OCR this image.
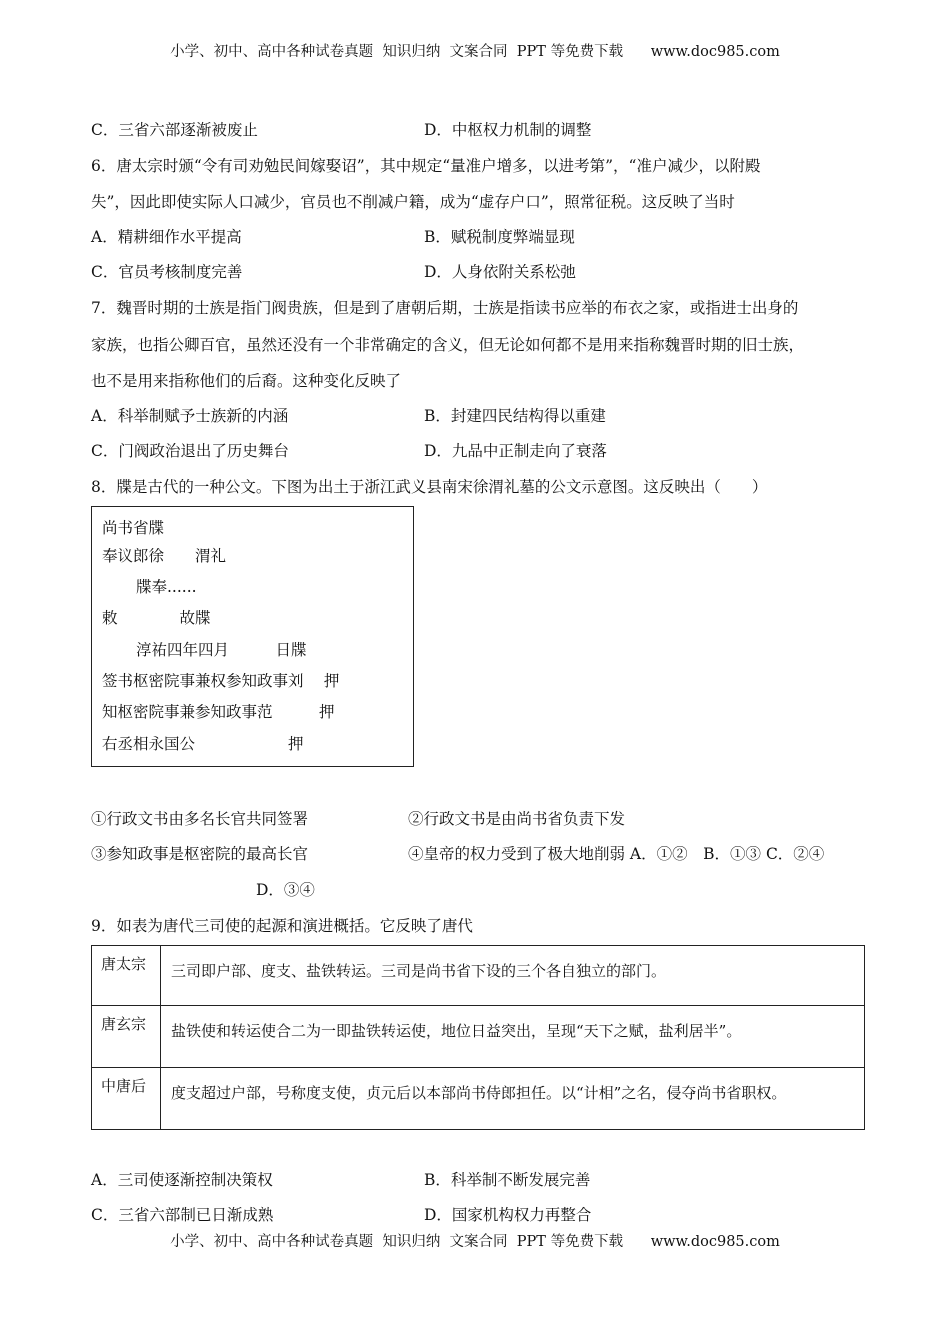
小学、初中、高中各种试卷真题  知识归纳  文案合同  PPT 等免费下载      www.doc985.com
C．三省六部逐渐被废止	D．中枢权力机制的调整
6．唐太宗时颁“令有司劝勉民间嫁娶诏”，其中规定“量准户增多，以进考第”，“准户减少，以附殿
失”，因此即使实际人口减少，官员也不削减户籍，成为“虚存户口”，照常征税。这反映了当时
A．精耕细作水平提高	B．赋税制度弊端显现
C．官员考核制度完善	D．人身依附关系松弛
7．魏晋时期的士族是指门阀贵族，但是到了唐朝后期，士族是指读书应举的布衣之家，或指进士出身的
家族，也指公卿百官，虽然还没有一个非常确定的含义，但无论如何都不是用来指称魏晋时期的旧士族，
也不是用来指称他们的后裔。这种变化反映了
A．科举制赋予士族新的内涵	B．封建四民结构得以重建
C．门阀政治退出了历史舞台	D．九品中正制走向了衰落
8．牒是古代的一种公文。下图为出土于浙江武义县南宋徐渭礼墓的公文示意图。这反映出（　　）
尚书省牒
奉议郎徐　　渭礼
牒奉......
敕　　　　故牒
淳祐四年四月　　　日牒
签书枢密院事兼权参知政事刘　 押
知枢密院事兼参知政事范　　　押
右丞相永国公　　　　　　押
①行政文书由多名长官共同签署	②行政文书是由尚书省负责下发
③参知政事是枢密院的最高长官	④皇帝的权力受到了极大地削弱 A．①②　B．①③ C．②④
D．③④
9．如表为唐代三司使的起源和演进概括。它反映了唐代
唐太宗	三司即户部、度支、盐铁转运。三司是尚书省下设的三个各自独立的部门。
唐玄宗	盐铁使和转运使合二为一即盐铁转运使，地位日益突出，呈现“天下之赋，盐利居半”。
中唐后	度支超过户部，号称度支使，贞元后以本部尚书侍郎担任。以“计相”之名，侵夺尚书省职权。
A．三司使逐渐控制决策权	B．科举制不断发展完善
C．三省六部制已日渐成熟	D．国家机构权力再整合
小学、初中、高中各种试卷真题  知识归纳  文案合同  PPT 等免费下载      www.doc985.com
